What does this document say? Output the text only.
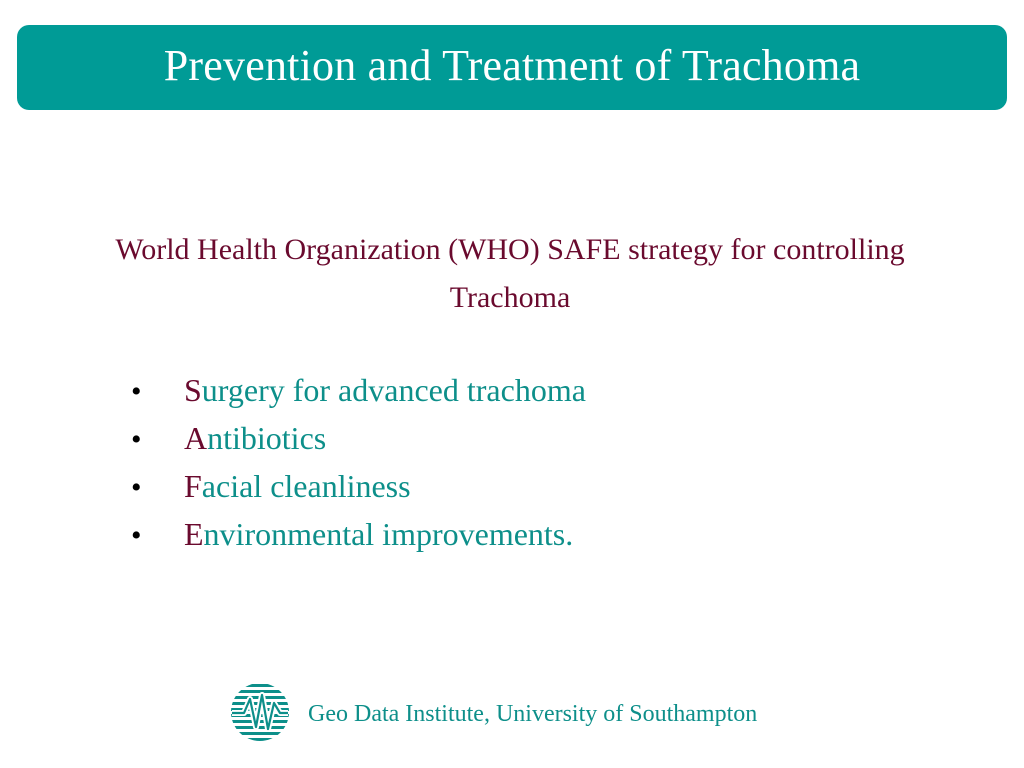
Prevention and Treatment of Trachoma
World Health Organization (WHO) SAFE strategy for controlling Trachoma
•	S urgery for advanced trachoma
•	A ntibiotics
•	F acial cleanliness
•	E nvironmental improvements.
Geo Data Institute, University of Southampton
